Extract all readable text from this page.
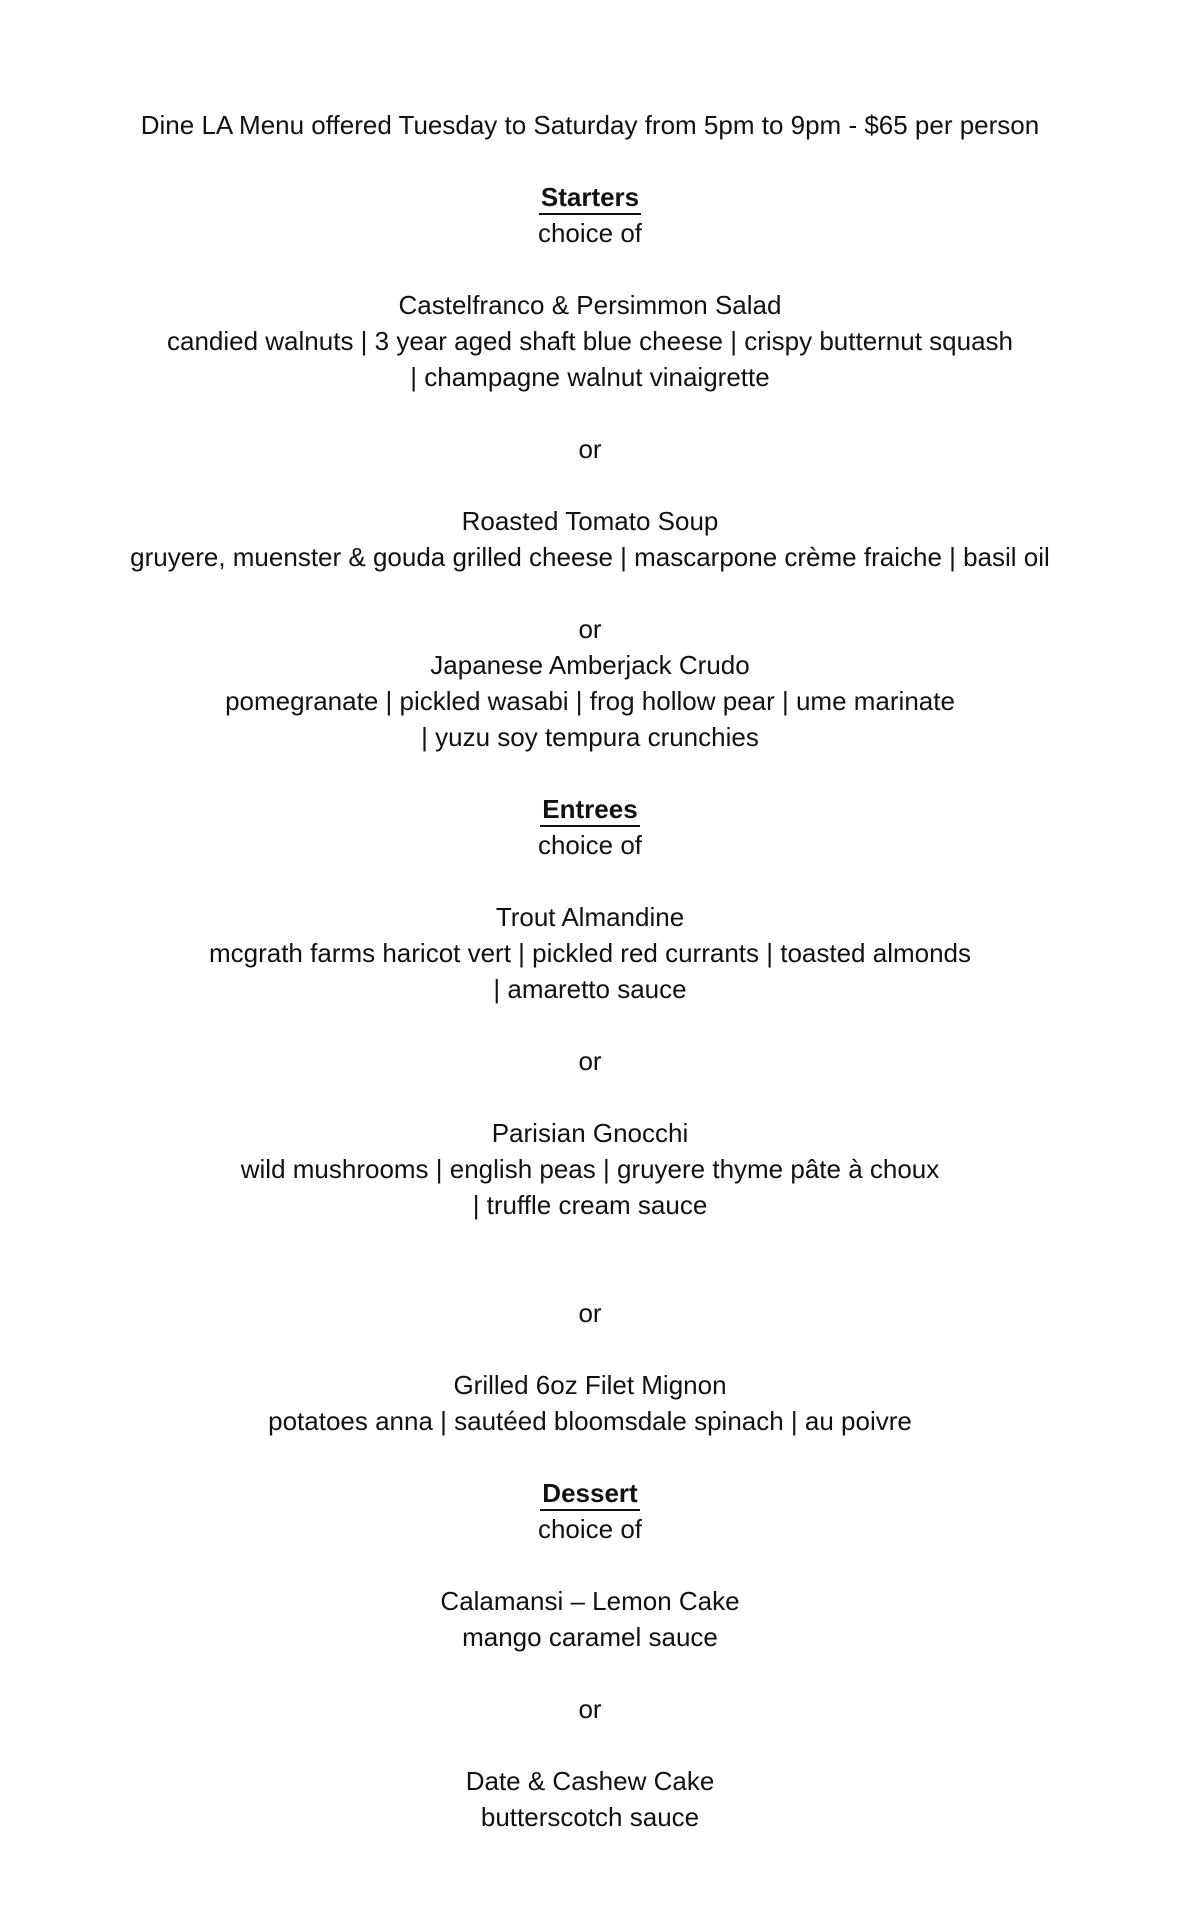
Dine LA Menu offered Tuesday to Saturday from 5pm to 9pm - $65 per person
Starters
choice of
Castelfranco & Persimmon Salad
candied walnuts | 3 year aged shaft blue cheese | crispy butternut squash
| champagne walnut vinaigrette
or
Roasted Tomato Soup
gruyere, muenster & gouda grilled cheese | mascarpone crème fraiche | basil oil
or
Japanese Amberjack Crudo
pomegranate | pickled wasabi | frog hollow pear | ume marinate
| yuzu soy tempura crunchies
Entrees
choice of
Trout Almandine
mcgrath farms haricot vert | pickled red currants | toasted almonds
| amaretto sauce
or
Parisian Gnocchi
wild mushrooms | english peas | gruyere thyme pâte à choux
| truffle cream sauce
or
Grilled 6oz Filet Mignon
potatoes anna | sautéed bloomsdale spinach | au poivre
Dessert
choice of
Calamansi – Lemon Cake
mango caramel sauce
or
Date & Cashew Cake
butterscotch sauce
